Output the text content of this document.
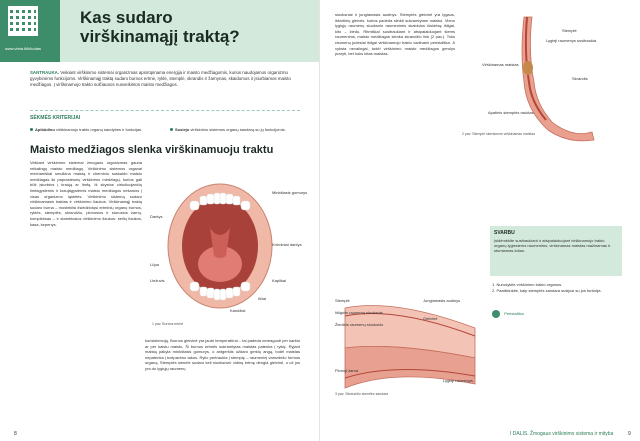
www.vieta.lt/lt/kodas
Kas sudaro virškinamąjį traktą?
SANTRAUKA. Veikiant virškinimo sistemai organizmas apsirūpinama energija ir maisto medžiagomis, kurios naudojamos organizmo gyvybinėms funkcijoms. Virškinamąjį traktą sudaro burnos ertmė, ryklė, stemplė, skrandis ir žarnynas, skaidomos ir įsiurbiamos maisto medžiagos. Į virškinamojo trakto sulčiaunos nusveikintos maisto medžiagos.
SĖKMĖS KRITERIJAI
Apibūdinu virškinamojo trakto organų sandybes ir funkcijas.	Susieju virškinimo sistemos organų sandarą su jų funkcijomis.
Maisto medžiagos slenka virškinamuoju traktu
Veikiant virškinimo sistemai žmogaus organizmas gauna reikalingų maisto medžiagų. Virškinimo sistemos organai mechaniškai smulkina maistą ir cheminiu suskaido maisto medžiagas iki paprastesnių virškinimo medžiagų, kurios gali būti įsiurbtos į kraują ar limfą. Iš skystos cirkuliuojančių limfagyslėmis ir kraujagyslėmis maisto medžiagos nešamos į visas organizmo ląsteles. Virškinimo sistemą sudaro virškinamasis traktas ir virškinimo liaukos. Virškinamąjį traktą sudaro burna – mosteklisi ilsiėdžiotųsi ertminių organų burnos, ryklės, stemplės, skrandžio, plonosios ir storosios žarnų, kompleksas – ir stambiosios virškinimo liaukos: seilių liaukos, kasa, kepenys.
Dantys
Lūpa
Liežuvis
Minkštasis gomurys
Krūminiai dantys
Kaplikai
Ilčiai
Kandžiai
1 pav. Burnos ertmė
konsistenciją. Burnos gleivinė yra jautri temperatūrai – tai padeda nereaguoti per karštu ar per kaistu maistu. Ši burnos ertmės sukramtytas maistas patenka į ryklę. Ryjant maistą pakyla minkštasis gomurys, o antgerklis uždaro gerklų angą, todėl maistas nepatenka į kvėpavimo takus. Rylio pertraukia į stemplę – raumeninį vamzdelio formos organą. Stemplės sienele sudaro keli sluoksniai: vidinę ertmę dengia gleivinė, o už jos yra du lygiųjų raumenų
8
sluoksniai ir jungiamasis audinys. Stemplės gleivinė yra lygaus, išklotinių gleivės, kurios padeda slinkti sukramtytam maistui. Vieno lygiųjų raumenų sluoksnio raumenimis skaidulos išsidėsę išilgai, kito – žiedu. Ritmiškai susitraukiant ir atsipalaiduojant šiems raumenims, maisto medžiagos slenka skrandžio link (2 pav.). Toks raumenų judesiai išilgai virškinamojo trakto vadinami peristaltika. Ji vyksta nevalingai, todėl virškinimo maisto medžiagos gerulys praryti, bet koks kitas maistas.
Virškinamas maistas
Stemplė
Lygieji raumenys susitraukia
Skrandis
Apatinis stemplės rauktas
2 pav. Stemplė skerskenis virškinamas maistas
SVARBU
Įsidėmėkite susitraukiant ir atsipalaiduojant virškinamojo trakto organų lygiesiems raumenims, virškinamas maistas mažinamas ir stumiamas toliau.
1. Nurodykite virškinimo trakto organus.
2. Paaiškinkite, kaip stemplės sandara susijusi su jos funkcija.
Peristaltika
Stemplė
Išilginis raumenų sluoksnis
Žiedinis raumenų sluoksnis
Jungiamasis audinys
Gleivinė
Plonoji žarna
Lygieji raumenys
3 pav. Skrandžio sienelės sandara
I DALIS. Žmogaus virškinimo sistema ir mityba	9
